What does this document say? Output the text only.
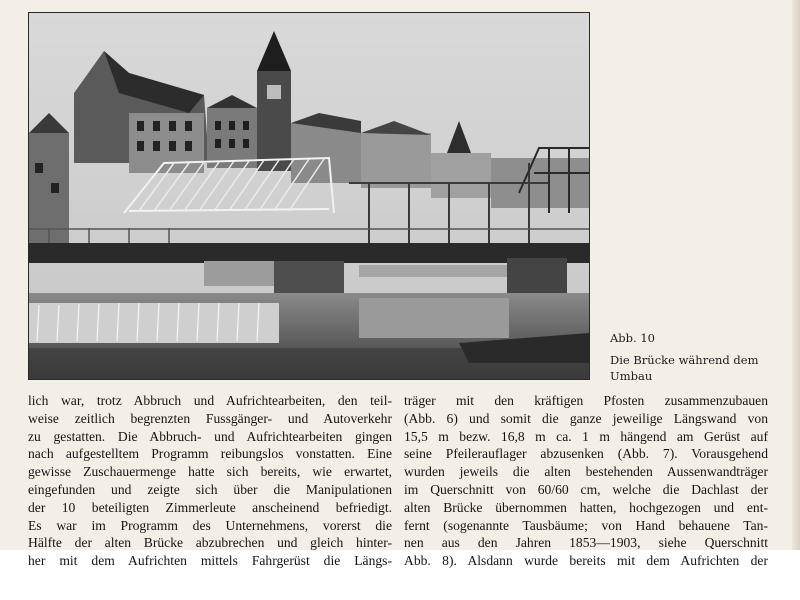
Abb. 10
Die Brücke während dem
Umbau
lich war, trotz Abbruch und Aufrichtearbeiten, den teil-
weise zeitlich begrenzten Fussgänger- und Autoverkehr
zu gestatten. Die Abbruch- und Aufrichtearbeiten gingen
nach aufgestelltem Programm reibungslos vonstatten. Eine
gewisse Zuschauermenge hatte sich bereits, wie erwartet,
eingefunden und zeigte sich über die Manipulationen
der 10 beteiligten Zimmerleute anscheinend befriedigt.
Es war im Programm des Unternehmens, vorerst die
Hälfte der alten Brücke abzubrechen und gleich hinter-
her mit dem Aufrichten mittels Fahrgerüst die Längs-
träger mit den kräftigen Pfosten zusammenzubauen
(Abb. 6) und somit die ganze jeweilige Längswand von
15,5 m bezw. 16,8 m ca. 1 m hängend am Gerüst auf
seine Pfeilerauflager abzusenken (Abb. 7). Vorausgehend
wurden jeweils die alten bestehenden Aussenwandträger
im Querschnitt von 60/60 cm, welche die Dachlast der
alten Brücke übernommen hatten, hochgezogen und ent-
fernt (sogenannte Tausbäume; von Hand behauene Tan-
nen aus den Jahren 1853—1903, siehe Querschnitt
Abb. 8). Alsdann wurde bereits mit dem Aufrichten der
